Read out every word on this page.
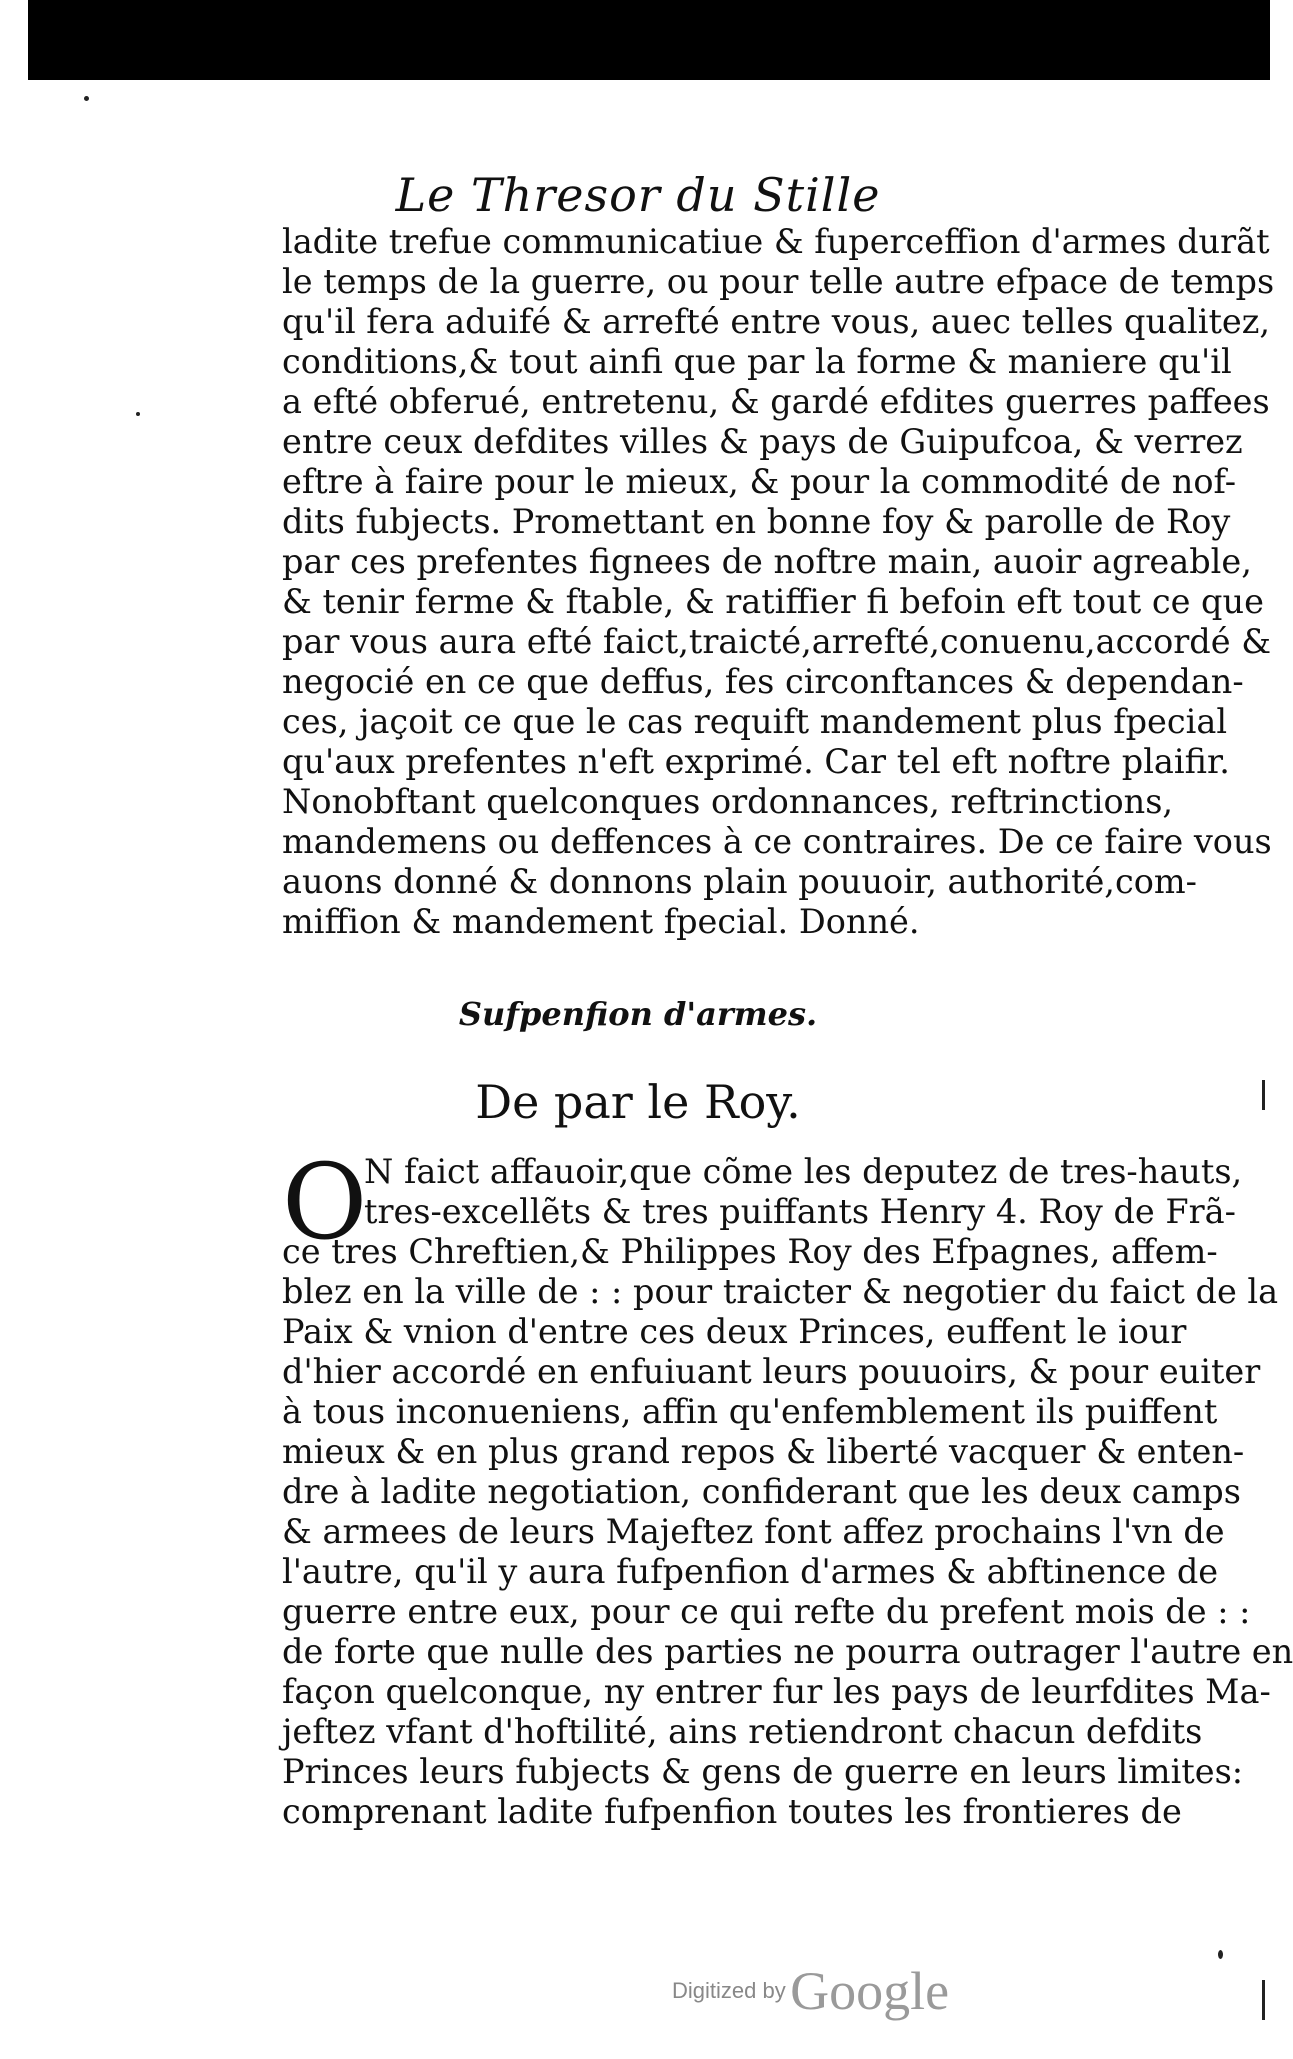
Le Thresor du Stille
ladite trefue communicatiue & fuperceffion d'armes durãt
le temps de la guerre, ou pour telle autre efpace de temps
qu'il fera aduifé & arrefté entre vous, auec telles qualitez,
conditions,& tout ainfi que par la forme & maniere qu'il
a efté obferué, entretenu, & gardé efdites guerres paffees
entre ceux defdites villes & pays de Guipufcoa, & verrez
eftre à faire pour le mieux, & pour la commodité de nof-
dits fubjects. Promettant en bonne foy & parolle de Roy
par ces prefentes fignees de noftre main, auoir agreable,
& tenir ferme & ftable, & ratiffier fi befoin eft tout ce que
par vous aura efté faict,traicté,arrefté,conuenu,accordé &
negocié en ce que deffus, fes circonftances & dependan-
ces, jaçoit ce que le cas requift mandement plus fpecial
qu'aux prefentes n'eft exprimé. Car tel eft noftre plaifir.
Nonobftant quelconques ordonnances, reftrinctions,
mandemens ou deffences à ce contraires. De ce faire vous
auons donné & donnons plain pouuoir, authorité,com-
miffion & mandement fpecial. Donné.
Sufpenfion d'armes.
De par le Roy.
O
N faict affauoir,que cõme les deputez de tres-hauts,
tres-excellẽts & tres puiffants Henry 4. Roy de Frã-
ce tres Chreftien,& Philippes Roy des Efpagnes, affem-
blez en la ville de : : pour traicter & negotier du faict de la
Paix & vnion d'entre ces deux Princes, euffent le iour
d'hier accordé en enfuiuant leurs pouuoirs, & pour euiter
à tous inconueniens, affin qu'enfemblement ils puiffent
mieux & en plus grand repos & liberté vacquer & enten-
dre à ladite negotiation, confiderant que les deux camps
& armees de leurs Majeftez font affez prochains l'vn de
l'autre, qu'il y aura fufpenfion d'armes & abftinence de
guerre entre eux, pour ce qui refte du prefent mois de : :
de forte que nulle des parties ne pourra outrager l'autre en
façon quelconque, ny entrer fur les pays de leurfdites Ma-
jeftez vfant d'hoftilité, ains retiendront chacun defdits
Princes leurs fubjects & gens de guerre en leurs limites:
comprenant ladite fufpenfion toutes les frontieres de
Digitized by Google
